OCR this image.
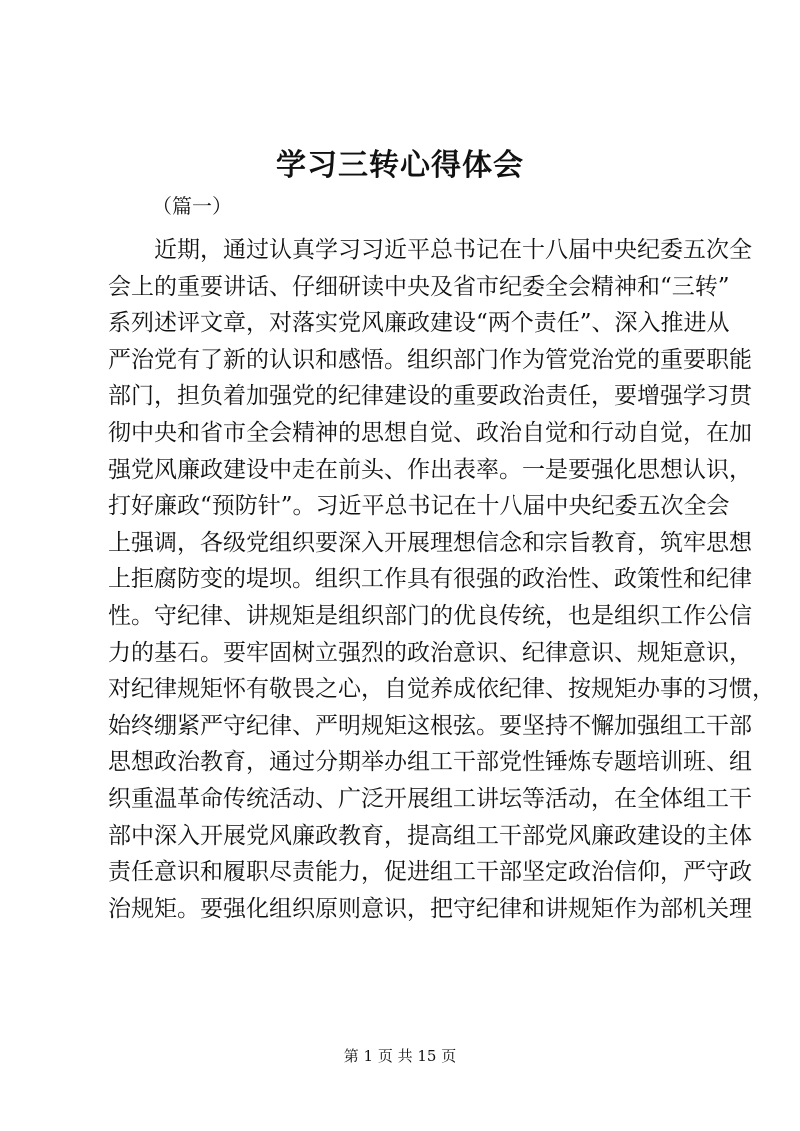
学习三转心得体会
（篇一）
近期，通过认真学习习近平总书记在十八届中央纪委五次全
会上的重要讲话、仔细研读中央及省市纪委全会精神和“三转”
系列述评文章，对落实党风廉政建设“两个责任”、深入推进从
严治党有了新的认识和感悟。组织部门作为管党治党的重要职能
部门，担负着加强党的纪律建设的重要政治责任，要增强学习贯
彻中央和省市全会精神的思想自觉、政治自觉和行动自觉，在加
强党风廉政建设中走在前头、作出表率。一是要强化思想认识，
打好廉政“预防针”。习近平总书记在十八届中央纪委五次全会
上强调，各级党组织要深入开展理想信念和宗旨教育，筑牢思想
上拒腐防变的堤坝。组织工作具有很强的政治性、政策性和纪律
性。守纪律、讲规矩是组织部门的优良传统，也是组织工作公信
力的基石。要牢固树立强烈的政治意识、纪律意识、规矩意识，
对纪律规矩怀有敬畏之心，自觉养成依纪律、按规矩办事的习惯，
始终绷紧严守纪律、严明规矩这根弦。要坚持不懈加强组工干部
思想政治教育，通过分期举办组工干部党性锤炼专题培训班、组
织重温革命传统活动、广泛开展组工讲坛等活动，在全体组工干
部中深入开展党风廉政教育，提高组工干部党风廉政建设的主体
责任意识和履职尽责能力，促进组工干部坚定政治信仰，严守政
治规矩。要强化组织原则意识，把守纪律和讲规矩作为部机关理
第 1 页 共 15 页
